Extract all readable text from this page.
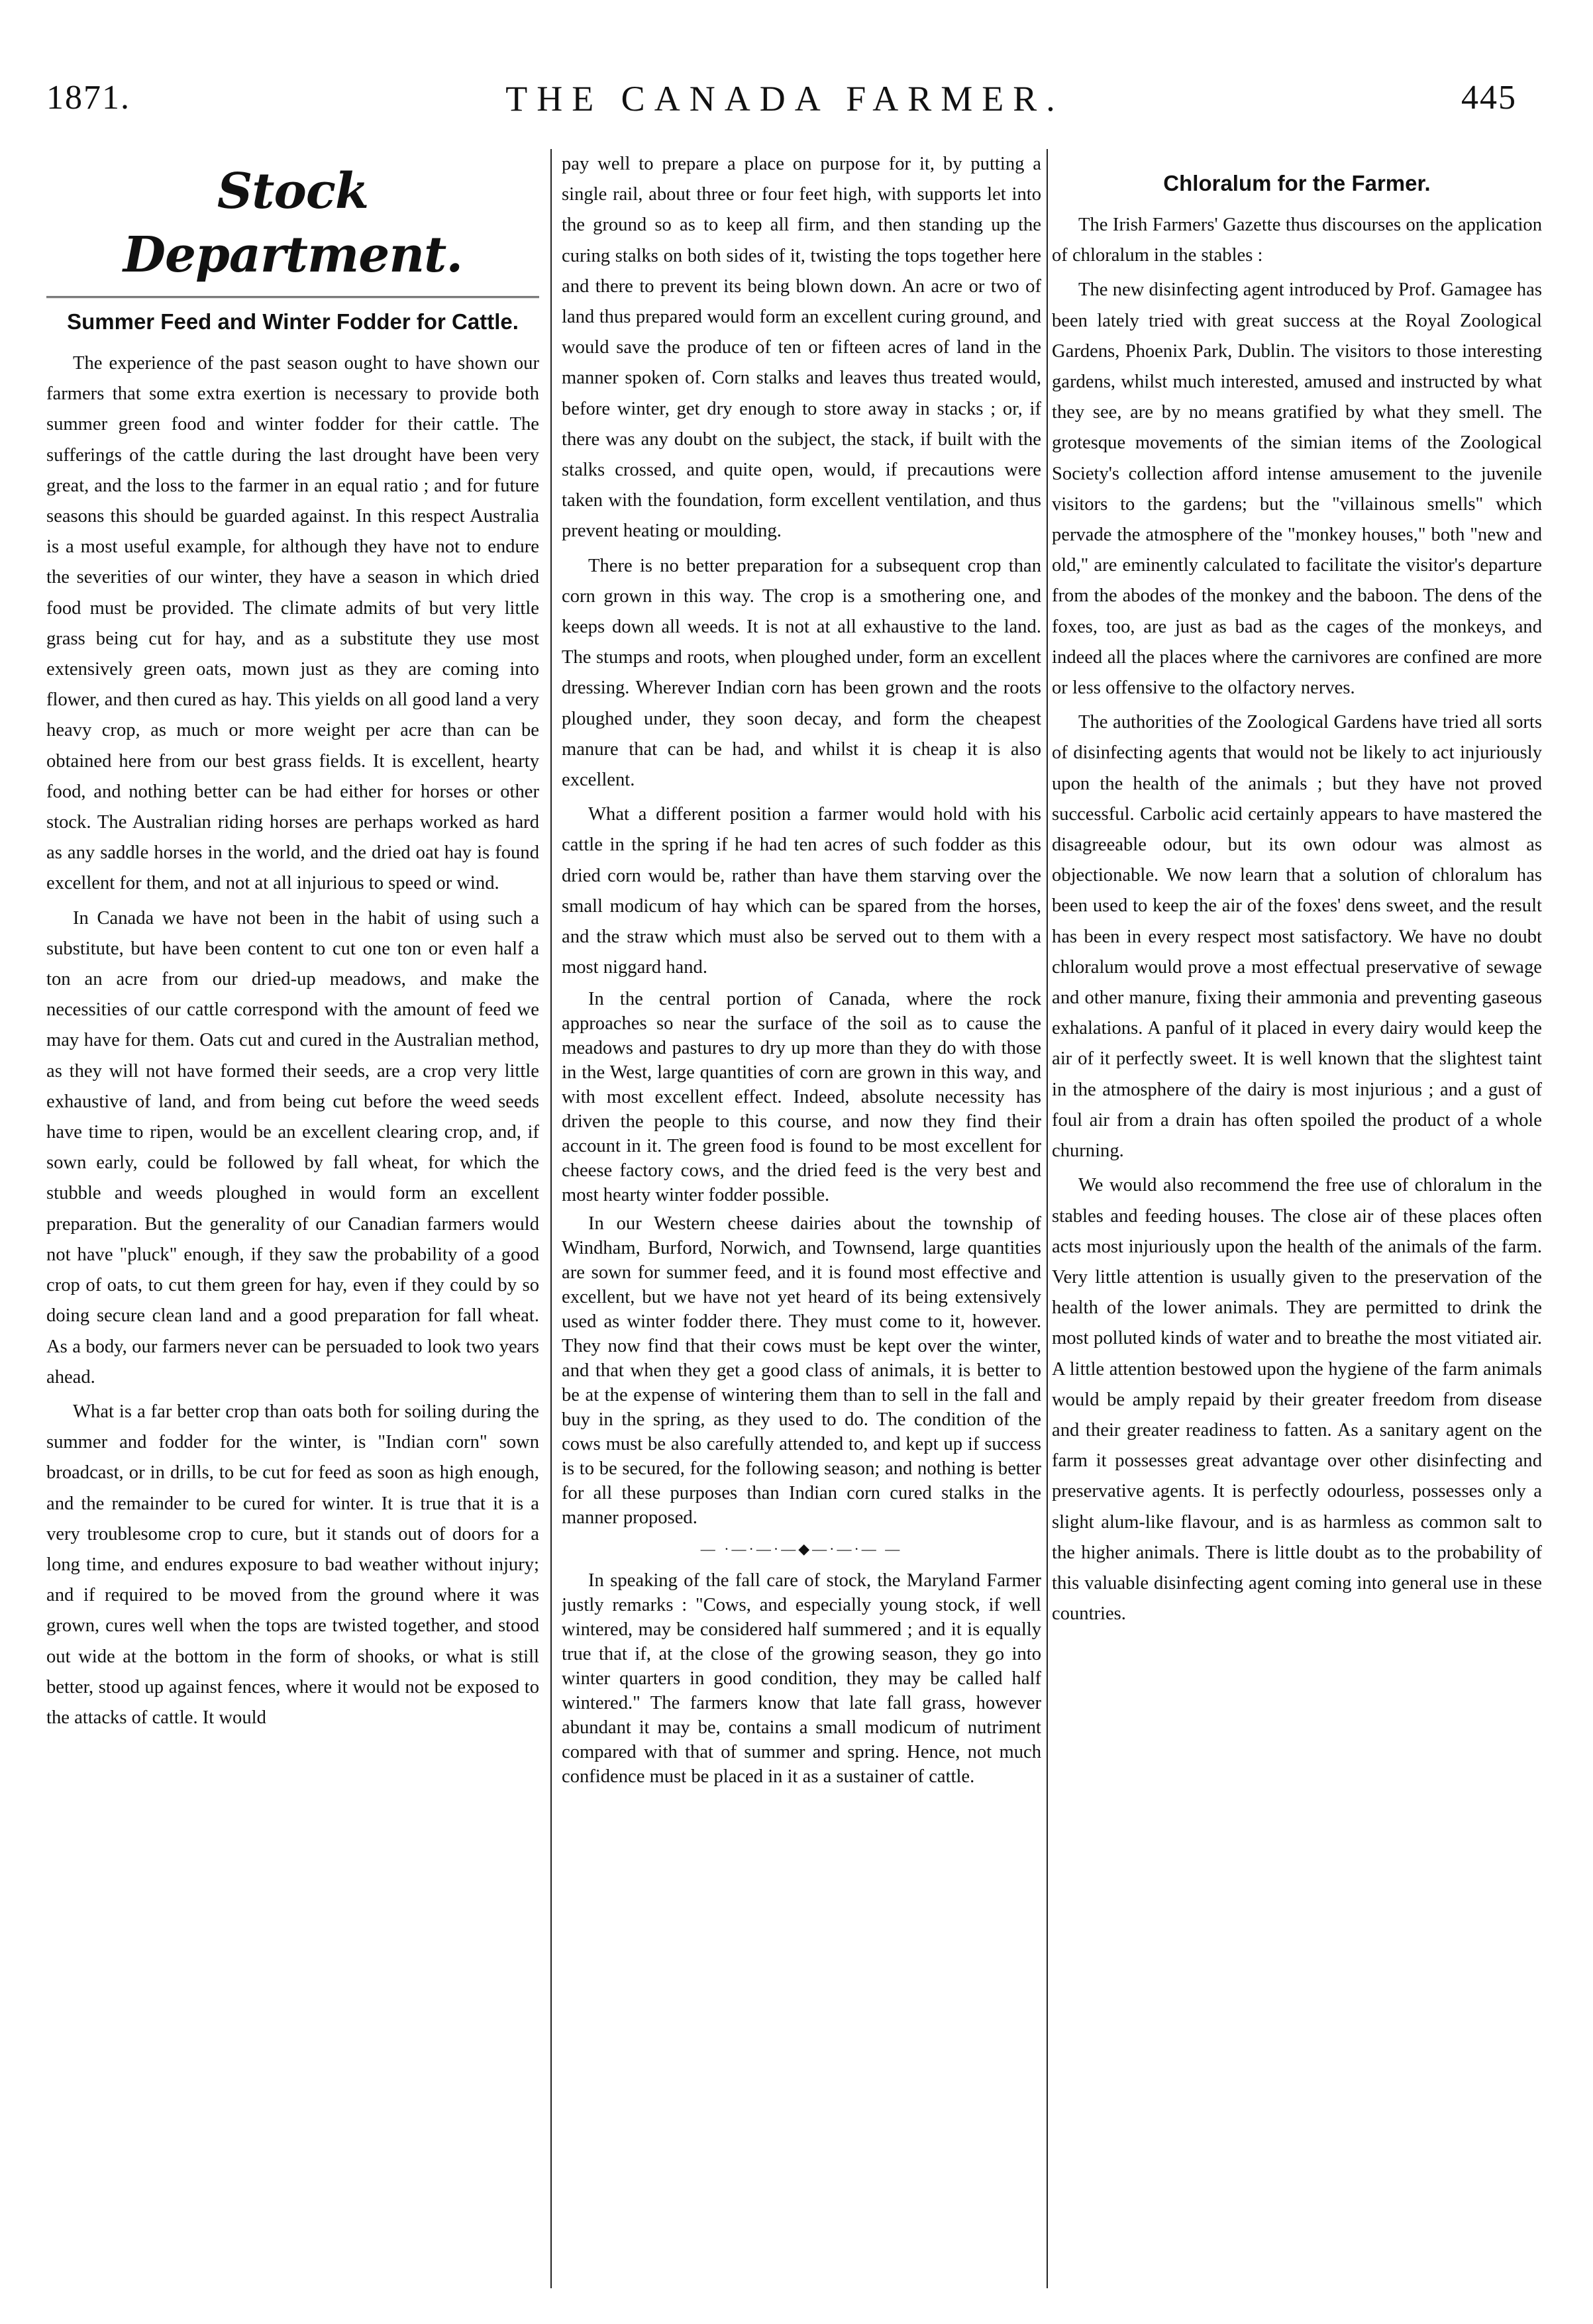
1871.	THE CANADA FARMER.	445
Stock Department.
Summer Feed and Winter Fodder for Cattle.

The experience of the past season ought to have shown our farmers that some extra exertion is necessary to provide both summer green food and winter fodder for their cattle. The sufferings of the cattle during the last drought have been very great, and the loss to the farmer in an equal ratio ; and for future seasons this should be guarded against. In this respect Australia is a most useful example, for although they have not to endure the severities of our winter, they have a season in which dried food must be provided. The climate admits of but very little grass being cut for hay, and as a substitute they use most extensively green oats, mown just as they are coming into flower, and then cured as hay. This yields on all good land a very heavy crop, as much or more weight per acre than can be obtained here from our best grass fields. It is excellent, hearty food, and nothing better can be had either for horses or other stock. The Australian riding horses are perhaps worked as hard as any saddle horses in the world, and the dried oat hay is found excellent for them, and not at all injurious to speed or wind.

In Canada we have not been in the habit of using such a substitute, but have been content to cut one ton or even half a ton an acre from our dried-up meadows, and make the necessities of our cattle correspond with the amount of feed we may have for them. Oats cut and cured in the Australian method, as they will not have formed their seeds, are a crop very little exhaustive of land, and from being cut before the weed seeds have time to ripen, would be an excellent clearing crop, and, if sown early, could be followed by fall wheat, for which the stubble and weeds ploughed in would form an excellent preparation. But the generality of our Canadian farmers would not have "pluck" enough, if they saw the probability of a good crop of oats, to cut them green for hay, even if they could by so doing secure clean land and a good preparation for fall wheat. As a body, our farmers never can be persuaded to look two years ahead.

What is a far better crop than oats both for soiling during the summer and fodder for the winter, is "Indian corn" sown broadcast, or in drills, to be cut for feed as soon as high enough, and the remainder to be cured for winter. It is true that it is a very troublesome crop to cure, but it stands out of doors for a long time, and endures exposure to bad weather without injury; and if required to be moved from the ground where it was grown, cures well when the tops are twisted together, and stood out wide at the bottom in the form of shooks, or what is still better, stood up against fences, where it would not be exposed to the attacks of cattle. It would

pay well to prepare a place on purpose for it, by putting a single rail, about three or four feet high, with supports let into the ground so as to keep all firm, and then standing up the curing stalks on both sides of it, twisting the tops together here and there to prevent its being blown down. An acre or two of land thus prepared would form an excellent curing ground, and would save the produce of ten or fifteen acres of land in the manner spoken of. Corn stalks and leaves thus treated would, before winter, get dry enough to store away in stacks ; or, if there was any doubt on the subject, the stack, if built with the stalks crossed, and quite open, would, if precautions were taken with the foundation, form excellent ventilation, and thus prevent heating or moulding.

There is no better preparation for a subsequent crop than corn grown in this way. The crop is a smothering one, and keeps down all weeds. It is not at all exhaustive to the land. The stumps and roots, when ploughed under, form an excellent dressing. Wherever Indian corn has been grown and the roots ploughed under, they soon decay, and form the cheapest manure that can be had, and whilst it is cheap it is also excellent.

What a different position a farmer would hold with his cattle in the spring if he had ten acres of such fodder as this dried corn would be, rather than have them starving over the small modicum of hay which can be spared from the horses, and the straw which must also be served out to them with a most niggard hand.

In the central portion of Canada, where the rock approaches so near the surface of the soil as to cause the meadows and pastures to dry up more than they do with those in the West, large quantities of corn are grown in this way, and with most excellent effect. Indeed, absolute necessity has driven the people to this course, and now they find their account in it. The green food is found to be most excellent for cheese factory cows, and the dried feed is the very best and most hearty winter fodder possible.

In our Western cheese dairies about the township of Windham, Burford, Norwich, and Townsend, large quantities are sown for summer feed, and it is found most effective and excellent, but we have not yet heard of its being extensively used as winter fodder there. They must come to it, however. They now find that their cows must be kept over the winter, and that when they get a good class of animals, it is better to be at the expense of wintering them than to sell in the fall and buy in the spring, as they used to do. The condition of the cows must be also carefully attended to, and kept up if success is to be secured, for the following season; and nothing is better for all these purposes than Indian corn cured stalks in the manner proposed.

— ·—·—·—◆—·—·— —

In speaking of the fall care of stock, the Maryland Farmer justly remarks : "Cows, and especially young stock, if well wintered, may be considered half summered ; and it is equally true that if, at the close of the growing season, they go into winter quarters in good condition, they may be called half wintered." The farmers know that late fall grass, however abundant it may be, contains a small modicum of nutriment compared with that of summer and spring. Hence, not much confidence must be placed in it as a sustainer of cattle.

Chloralum for the Farmer.

The Irish Farmers' Gazette thus discourses on the application of chloralum in the stables :

The new disinfecting agent introduced by Prof. Gamagee has been lately tried with great success at the Royal Zoological Gardens, Phoenix Park, Dublin. The visitors to those interesting gardens, whilst much interested, amused and instructed by what they see, are by no means gratified by what they smell. The grotesque movements of the simian items of the Zoological Society's collection afford intense amusement to the juvenile visitors to the gardens; but the "villainous smells" which pervade the atmosphere of the "monkey houses," both "new and old," are eminently calculated to facilitate the visitor's departure from the abodes of the monkey and the baboon. The dens of the foxes, too, are just as bad as the cages of the monkeys, and indeed all the places where the carnivores are confined are more or less offensive to the olfactory nerves.

The authorities of the Zoological Gardens have tried all sorts of disinfecting agents that would not be likely to act injuriously upon the health of the animals ; but they have not proved successful. Carbolic acid certainly appears to have mastered the disagreeable odour, but its own odour was almost as objectionable. We now learn that a solution of chloralum has been used to keep the air of the foxes' dens sweet, and the result has been in every respect most satisfactory. We have no doubt chloralum would prove a most effectual preservative of sewage and other manure, fixing their ammonia and preventing gaseous exhalations. A panful of it placed in every dairy would keep the air of it perfectly sweet. It is well known that the slightest taint in the atmosphere of the dairy is most injurious ; and a gust of foul air from a drain has often spoiled the product of a whole churning.

We would also recommend the free use of chloralum in the stables and feeding houses. The close air of these places often acts most injuriously upon the health of the animals of the farm. Very little attention is usually given to the preservation of the health of the lower animals. They are permitted to drink the most polluted kinds of water and to breathe the most vitiated air. A little attention bestowed upon the hygiene of the farm animals would be amply repaid by their greater freedom from disease and their greater readiness to fatten. As a sanitary agent on the farm it possesses great advantage over other disinfecting and preservative agents. It is perfectly odourless, possesses only a slight alum-like flavour, and is as harmless as common salt to the higher animals. There is little doubt as to the probability of this valuable disinfecting agent coming into general use in these countries.
